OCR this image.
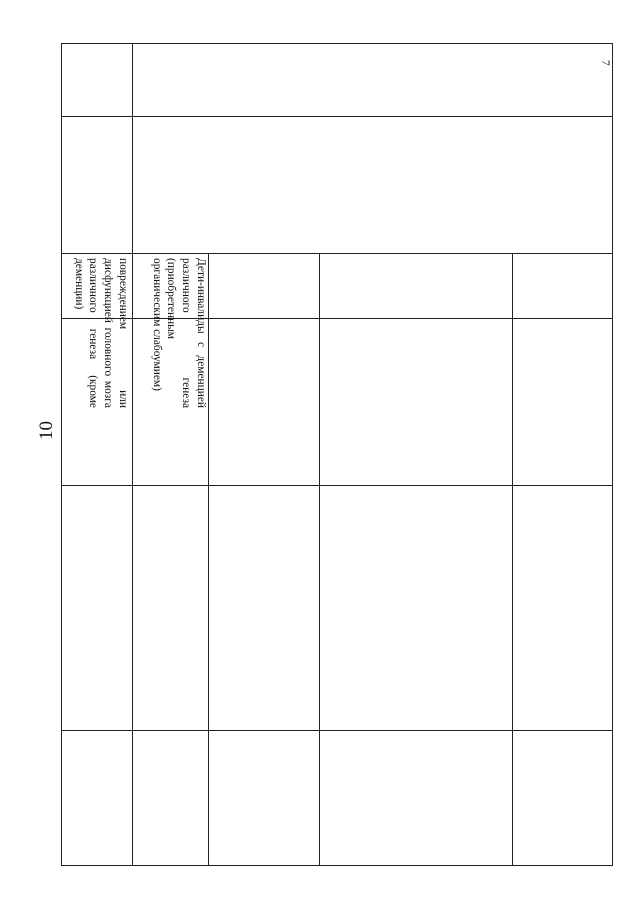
10
7
повреждением или дисфункцией головного мозга различного генеза (кроме деменции)	Дети-инвалиды с деменцией различного генеза (приобретенным органическим слабоумием)
